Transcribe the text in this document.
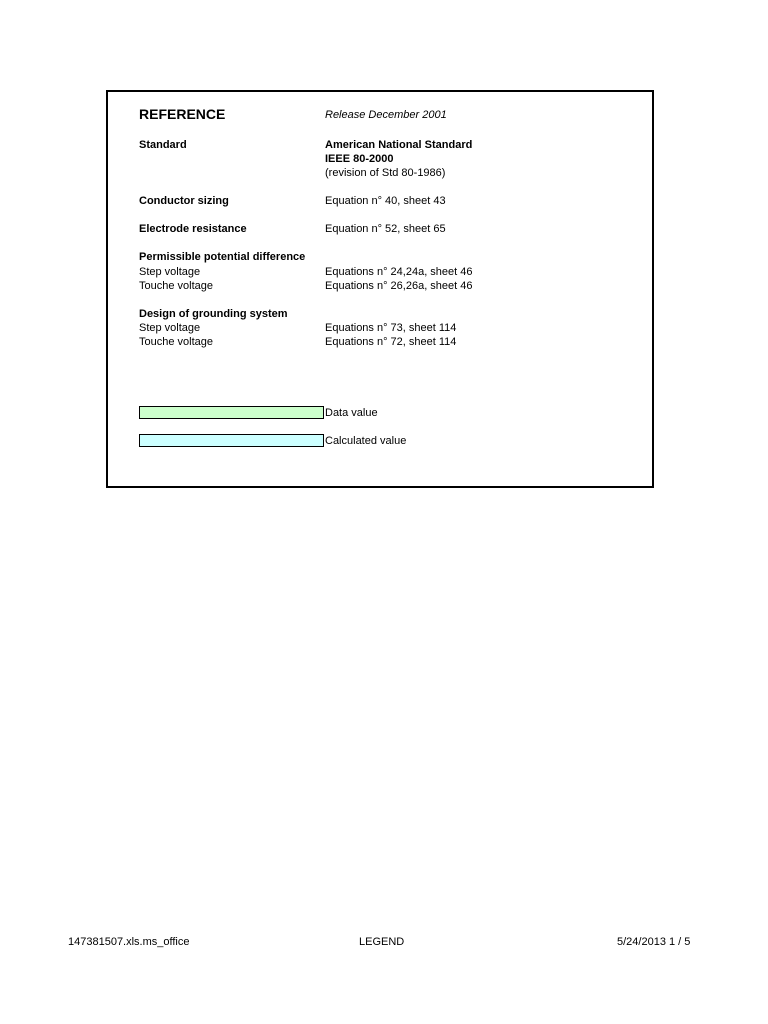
REFERENCE	Release December 2001
Standard	American National Standard
IEEE 80-2000
(revision of Std 80-1986)
Conductor sizing	Equation n° 40, sheet 43
Electrode resistance	Equation n° 52, sheet 65
Permissible potential difference
Step voltage	Equations n° 24,24a, sheet 46
Touche voltage	Equations n° 26,26a, sheet 46
Design of grounding system
Step voltage	Equations n° 73, sheet 114
Touche voltage	Equations n° 72, sheet 114
Data value
Calculated value
147381507.xls.ms_office	LEGEND	5/24/2013 1 / 5
